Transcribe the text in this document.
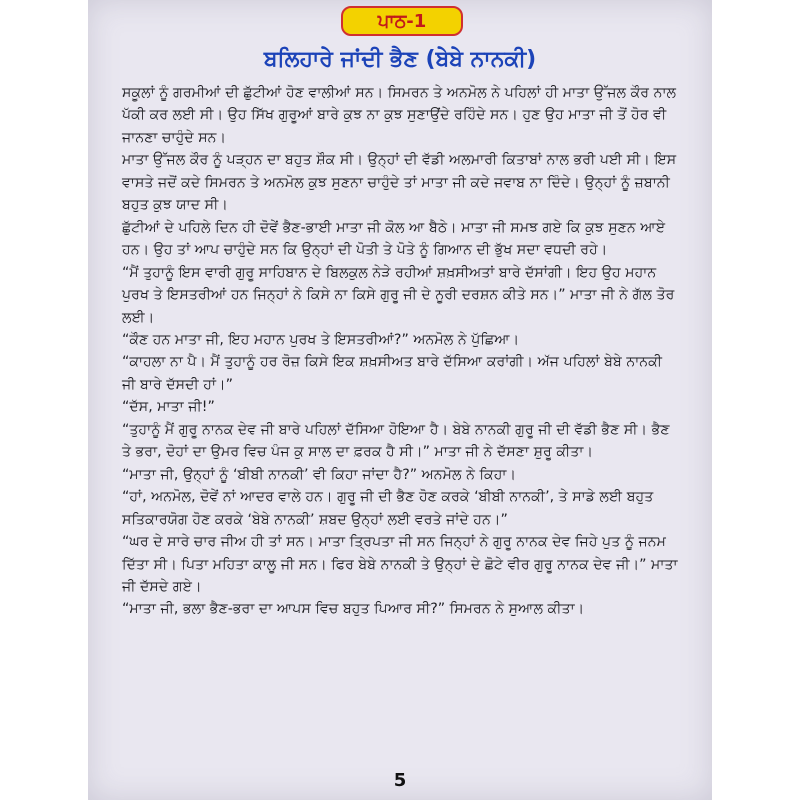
ਪਾਠ-1
ਬਲਿਹਾਰੇ ਜਾਂਦੀ ਭੈਣ (ਬੇਬੇ ਨਾਨਕੀ)

ਸਕੂਲਾਂ ਨੂੰ ਗਰਮੀਆਂ ਦੀ ਛੁੱਟੀਆਂ ਹੋਣ ਵਾਲੀਆਂ ਸਨ। ਸਿਮਰਨ ਤੇ ਅਨਮੋਲ ਨੇ ਪਹਿਲਾਂ ਹੀ ਮਾਤਾ ਉੱਜਲ ਕੌਰ ਨਾਲ ਪੱਕੀ ਕਰ ਲਈ ਸੀ। ਉਹ ਸਿੱਖ ਗੁਰੂਆਂ ਬਾਰੇ ਕੁਝ ਨਾ ਕੁਝ ਸੁਣਾਉਂਦੇ ਰਹਿੰਦੇ ਸਨ। ਹੁਣ ਉਹ ਮਾਤਾ ਜੀ ਤੋਂ ਹੋਰ ਵੀ ਜਾਨਣਾ ਚਾਹੁੰਦੇ ਸਨ।

ਮਾਤਾ ਉੱਜਲ ਕੌਰ ਨੂੰ ਪੜ੍ਹਨ ਦਾ ਬਹੁਤ ਸ਼ੌਕ ਸੀ। ਉਨ੍ਹਾਂ ਦੀ ਵੱਡੀ ਅਲਮਾਰੀ ਕਿਤਾਬਾਂ ਨਾਲ ਭਰੀ ਪਈ ਸੀ। ਇਸ ਵਾਸਤੇ ਜਦੋਂ ਕਦੇ ਸਿਮਰਨ ਤੇ ਅਨਮੋਲ ਕੁਝ ਸੁਣਨਾ ਚਾਹੁੰਦੇ ਤਾਂ ਮਾਤਾ ਜੀ ਕਦੇ ਜਵਾਬ ਨਾ ਦਿੰਦੇ। ਉਨ੍ਹਾਂ ਨੂੰ ਜ਼ਬਾਨੀ ਬਹੁਤ ਕੁਝ ਯਾਦ ਸੀ।

ਛੁੱਟੀਆਂ ਦੇ ਪਹਿਲੇ ਦਿਨ ਹੀ ਦੋਵੇਂ ਭੈਣ-ਭਾਈ ਮਾਤਾ ਜੀ ਕੋਲ ਆ ਬੈਠੇ। ਮਾਤਾ ਜੀ ਸਮਝ ਗਏ ਕਿ ਕੁਝ ਸੁਣਨ ਆਏ ਹਨ। ਉਹ ਤਾਂ ਆਪ ਚਾਹੁੰਦੇ ਸਨ ਕਿ ਉਨ੍ਹਾਂ ਦੀ ਪੋਤੀ ਤੇ ਪੋਤੇ ਨੂੰ ਗਿਆਨ ਦੀ ਭੁੱਖ ਸਦਾ ਵਧਦੀ ਰਹੇ।

“ਮੈਂ ਤੁਹਾਨੂੰ ਇਸ ਵਾਰੀ ਗੁਰੂ ਸਾਹਿਬਾਨ ਦੇ ਬਿਲਕੁਲ ਨੇੜੇ ਰਹੀਆਂ ਸ਼ਖ਼ਸੀਅਤਾਂ ਬਾਰੇ ਦੱਸਾਂਗੀ। ਇਹ ਉਹ ਮਹਾਨ ਪੁਰਖ ਤੇ ਇਸਤਰੀਆਂ ਹਨ ਜਿਨ੍ਹਾਂ ਨੇ ਕਿਸੇ ਨਾ ਕਿਸੇ ਗੁਰੂ ਜੀ ਦੇ ਨੂਰੀ ਦਰਸ਼ਨ ਕੀਤੇ ਸਨ।” ਮਾਤਾ ਜੀ ਨੇ ਗੱਲ ਤੋਰ ਲਈ।

“ਕੌਣ ਹਨ ਮਾਤਾ ਜੀ, ਇਹ ਮਹਾਨ ਪੁਰਖ ਤੇ ਇਸਤਰੀਆਂ?” ਅਨਮੋਲ ਨੇ ਪੁੱਛਿਆ।

“ਕਾਹਲਾ ਨਾ ਪੈ। ਮੈਂ ਤੁਹਾਨੂੰ ਹਰ ਰੋਜ਼ ਕਿਸੇ ਇਕ ਸ਼ਖ਼ਸੀਅਤ ਬਾਰੇ ਦੱਸਿਆ ਕਰਾਂਗੀ। ਅੱਜ ਪਹਿਲਾਂ ਬੇਬੇ ਨਾਨਕੀ ਜੀ ਬਾਰੇ ਦੱਸਦੀ ਹਾਂ।”

“ਦੱਸ, ਮਾਤਾ ਜੀ!”

“ਤੁਹਾਨੂੰ ਮੈਂ ਗੁਰੂ ਨਾਨਕ ਦੇਵ ਜੀ ਬਾਰੇ ਪਹਿਲਾਂ ਦੱਸਿਆ ਹੋਇਆ ਹੈ। ਬੇਬੇ ਨਾਨਕੀ ਗੁਰੂ ਜੀ ਦੀ ਵੱਡੀ ਭੈਣ ਸੀ। ਭੈਣ ਤੇ ਭਰਾ, ਦੋਹਾਂ ਦਾ ਉਮਰ ਵਿਚ ਪੰਜ ਕੁ ਸਾਲ ਦਾ ਫ਼ਰਕ ਹੈ ਸੀ।” ਮਾਤਾ ਜੀ ਨੇ ਦੱਸਣਾ ਸ਼ੁਰੂ ਕੀਤਾ।

“ਮਾਤਾ ਜੀ, ਉਨ੍ਹਾਂ ਨੂੰ ‘ਬੀਬੀ ਨਾਨਕੀ’ ਵੀ ਕਿਹਾ ਜਾਂਦਾ ਹੈ?” ਅਨਮੋਲ ਨੇ ਕਿਹਾ।

“ਹਾਂ, ਅਨਮੋਲ, ਦੋਵੇਂ ਨਾਂ ਆਦਰ ਵਾਲੇ ਹਨ। ਗੁਰੂ ਜੀ ਦੀ ਭੈਣ ਹੋਣ ਕਰਕੇ ‘ਬੀਬੀ ਨਾਨਕੀ’, ਤੇ ਸਾਡੇ ਲਈ ਬਹੁਤ ਸਤਿਕਾਰਯੋਗ ਹੋਣ ਕਰਕੇ ‘ਬੇਬੇ ਨਾਨਕੀ’ ਸ਼ਬਦ ਉਨ੍ਹਾਂ ਲਈ ਵਰਤੇ ਜਾਂਦੇ ਹਨ।”

“ਘਰ ਦੇ ਸਾਰੇ ਚਾਰ ਜੀਅ ਹੀ ਤਾਂ ਸਨ। ਮਾਤਾ ਤ੍ਰਿਪਤਾ ਜੀ ਸਨ ਜਿਨ੍ਹਾਂ ਨੇ ਗੁਰੂ ਨਾਨਕ ਦੇਵ ਜਿਹੇ ਪੁਤ ਨੂੰ ਜਨਮ ਦਿੱਤਾ ਸੀ। ਪਿਤਾ ਮਹਿਤਾ ਕਾਲੂ ਜੀ ਸਨ। ਫਿਰ ਬੇਬੇ ਨਾਨਕੀ ਤੇ ਉਨ੍ਹਾਂ ਦੇ ਛੋਟੇ ਵੀਰ ਗੁਰੂ ਨਾਨਕ ਦੇਵ ਜੀ।” ਮਾਤਾ ਜੀ ਦੱਸਦੇ ਗਏ।

“ਮਾਤਾ ਜੀ, ਭਲਾ ਭੈਣ-ਭਰਾ ਦਾ ਆਪਸ ਵਿਚ ਬਹੁਤ ਪਿਆਰ ਸੀ?” ਸਿਮਰਨ ਨੇ ਸੁਆਲ ਕੀਤਾ।

5
